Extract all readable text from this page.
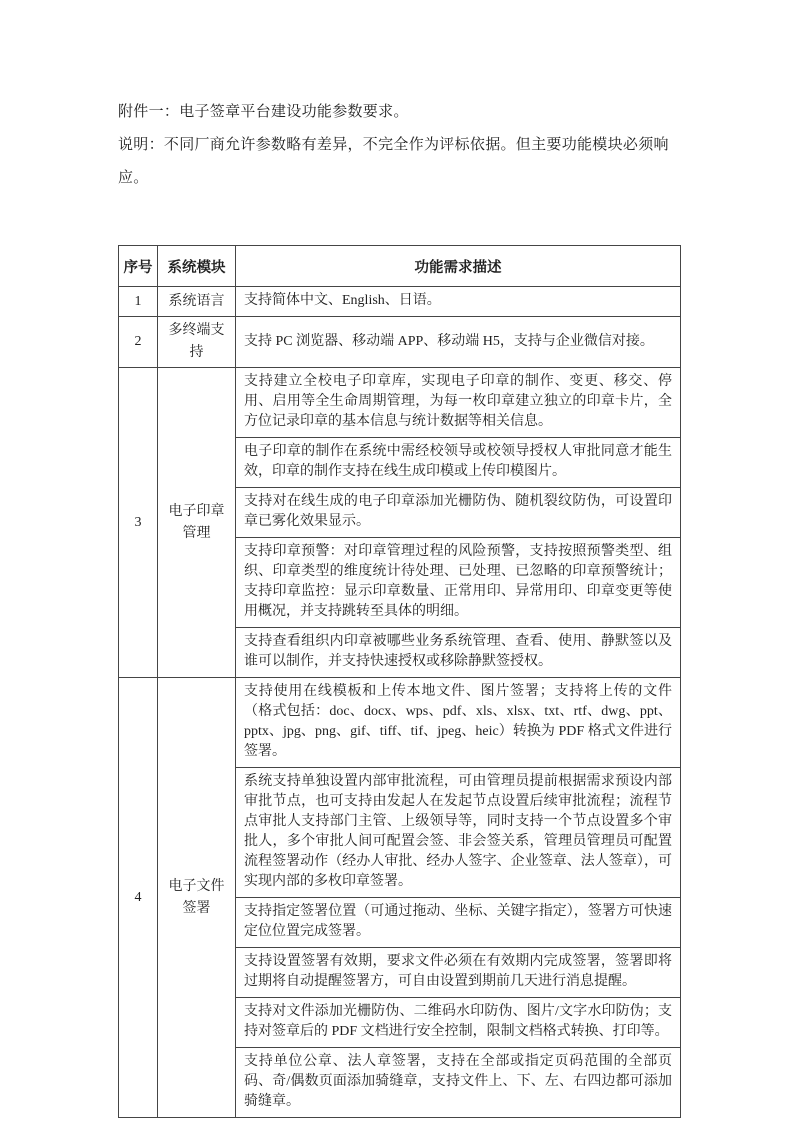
附件一：电子签章平台建设功能参数要求。

说明：不同厂商允许参数略有差异，不完全作为评标依据。但主要功能模块必须响应。

序号	系统模块	功能需求描述
1	系统语言	支持简体中文、English、日语。
2	多终端支持	支持 PC 浏览器、移动端 APP、移动端 H5，支持与企业微信对接。
3	电子印章管理	支持建立全校电子印章库，实现电子印章的制作、变更、移交、停用、启用等全生命周期管理，为每一枚印章建立独立的印章卡片，全方位记录印章的基本信息与统计数据等相关信息。
		电子印章的制作在系统中需经校领导或校领导授权人审批同意才能生效，印章的制作支持在线生成印模或上传印模图片。
		支持对在线生成的电子印章添加光栅防伪、随机裂纹防伪，可设置印章已雾化效果显示。
		支持印章预警：对印章管理过程的风险预警，支持按照预警类型、组织、印章类型的维度统计待处理、已处理、已忽略的印章预警统计；支持印章监控：显示印章数量、正常用印、异常用印、印章变更等使用概况，并支持跳转至具体的明细。
		支持查看组织内印章被哪些业务系统管理、查看、使用、静默签以及谁可以制作，并支持快速授权或移除静默签授权。
4	电子文件签署	支持使用在线模板和上传本地文件、图片签署；支持将上传的文件（格式包括：doc、docx、wps、pdf、xls、xlsx、txt、rtf、dwg、ppt、pptx、jpg、png、gif、tiff、tif、jpeg、heic）转换为 PDF 格式文件进行签署。
		系统支持单独设置内部审批流程，可由管理员提前根据需求预设内部审批节点，也可支持由发起人在发起节点设置后续审批流程；流程节点审批人支持部门主管、上级领导等，同时支持一个节点设置多个审批人，多个审批人间可配置会签、非会签关系，管理员管理员可配置流程签署动作（经办人审批、经办人签字、企业签章、法人签章），可实现内部的多枚印章签署。
		支持指定签署位置（可通过拖动、坐标、关键字指定），签署方可快速定位位置完成签署。
		支持设置签署有效期，要求文件必须在有效期内完成签署，签署即将过期将自动提醒签署方，可自由设置到期前几天进行消息提醒。
		支持对文件添加光栅防伪、二维码水印防伪、图片/文字水印防伪；支持对签章后的 PDF 文档进行安全控制，限制文档格式转换、打印等。
		支持单位公章、法人章签署，支持在全部或指定页码范围的全部页码、奇/偶数页面添加骑缝章，支持文件上、下、左、右四边都可添加骑缝章。
